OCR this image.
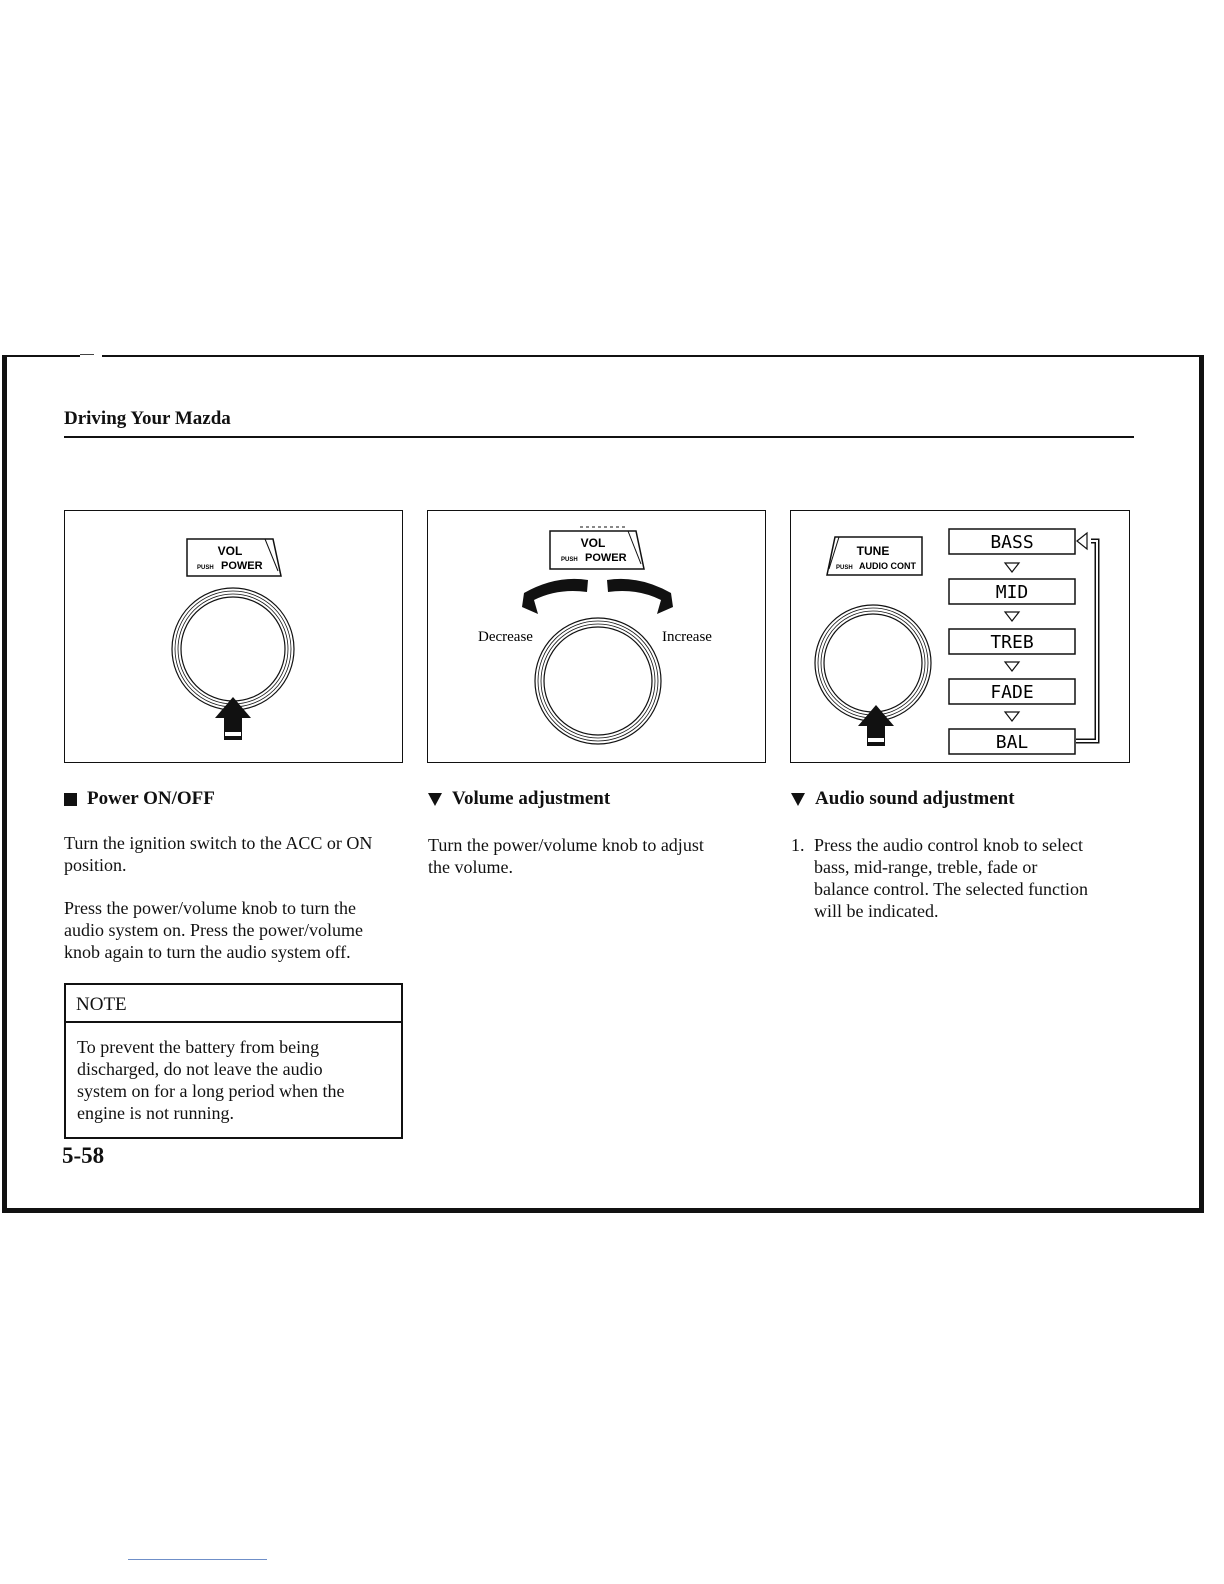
Driving Your Mazda
VOL
PUSH POWER
VOL
PUSH POWER
Decrease	Increase
TUNE
PUSH AUDIO CONT
BASS
MID
TREB
FADE
BAL
Power ON/OFF	Volume adjustment	Audio sound adjustment
Turn the ignition switch to the ACC or ON
position.
Press the power/volume knob to turn the
audio system on. Press the power/volume
knob again to turn the audio system off.
Turn the power/volume knob to adjust
the volume.
1. Press the audio control knob to select
bass, mid-range, treble, fade or
balance control. The selected function
will be indicated.
NOTE
To prevent the battery from being
discharged, do not leave the audio
system on for a long period when the
engine is not running.
5-58
